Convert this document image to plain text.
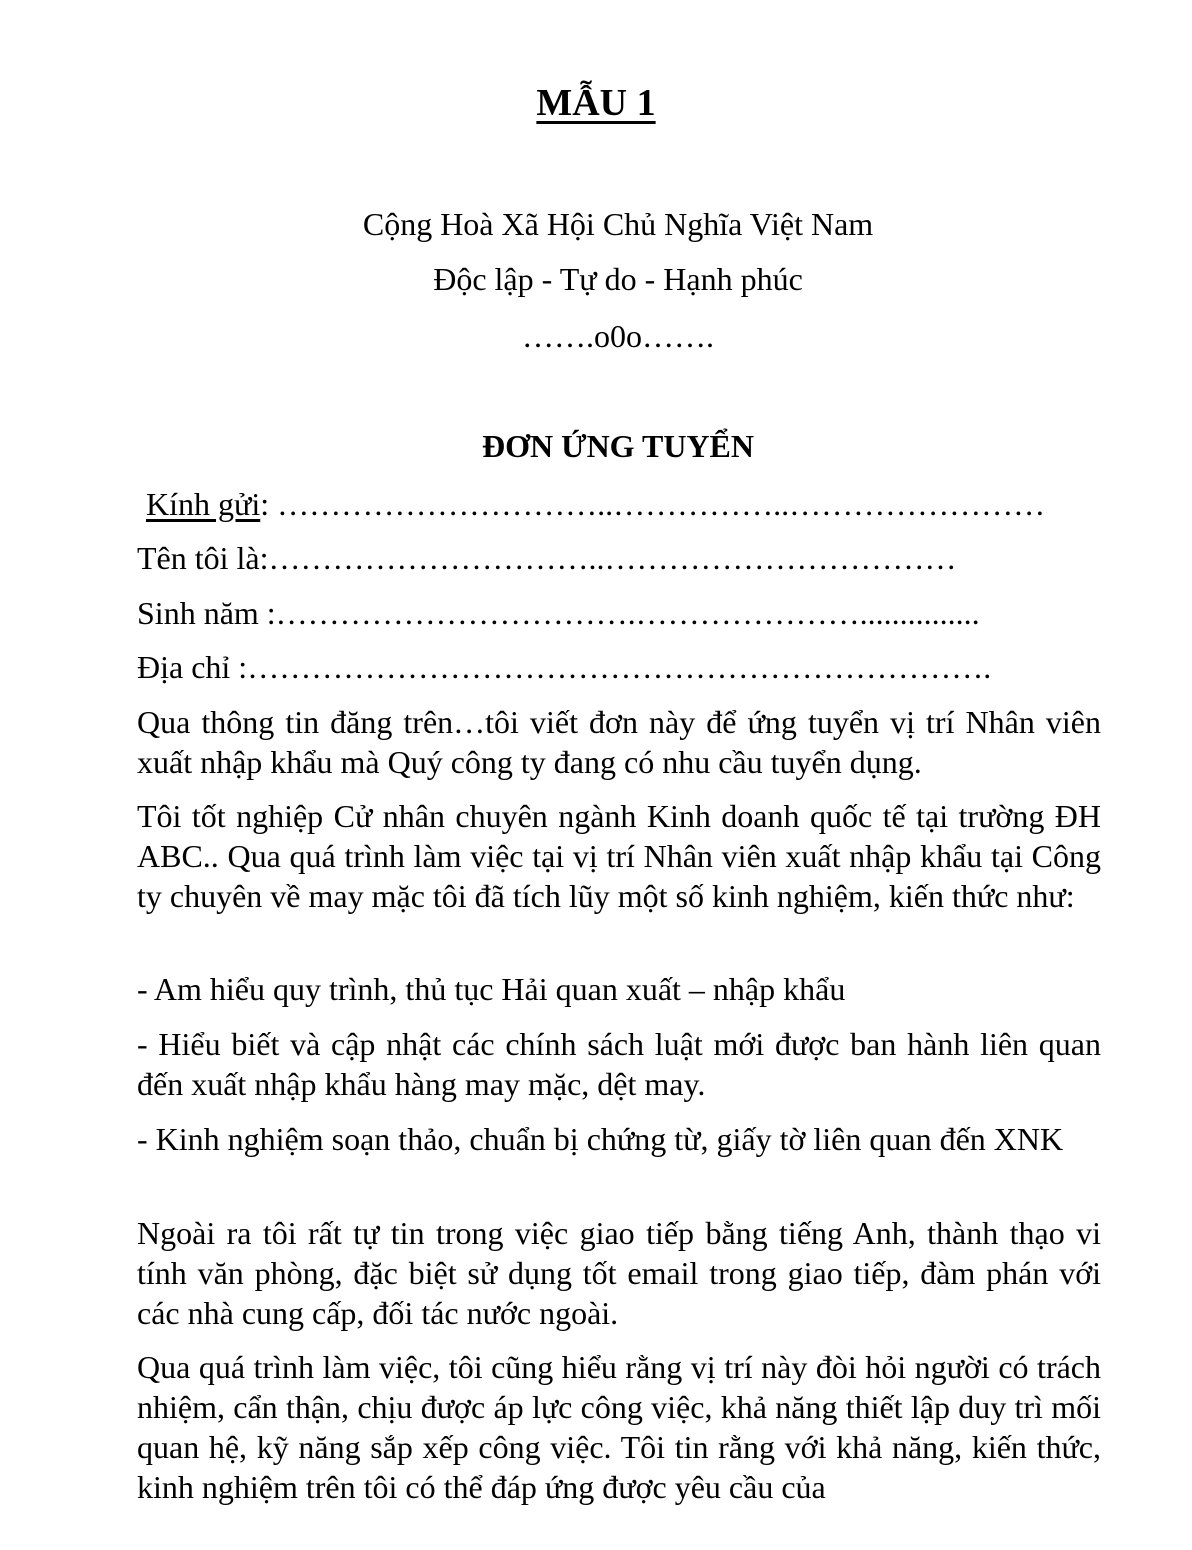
MẪU 1
Cộng Hoà Xã Hội Chủ Nghĩa Việt Nam
Độc lập - Tự do - Hạnh phúc
…….o0o…….
ĐƠN ỨNG TUYỂN
Kính gửi: …………………………..……………..……………………
Tên tôi là:…………………………..……………………………
Sinh năm :…………………………….…………………...............
Địa chỉ :…………………………………………………………….
Qua thông tin đăng trên…tôi viết đơn này để ứng tuyển vị trí Nhân viên xuất nhập khẩu mà Quý công ty đang có nhu cầu tuyển dụng.
Tôi tốt nghiệp Cử nhân chuyên ngành Kinh doanh quốc tế tại trường ĐH ABC.. Qua quá trình làm việc tại vị trí Nhân viên xuất nhập khẩu tại Công ty chuyên về may mặc tôi đã tích lũy một số kinh nghiệm, kiến thức như:
- Am hiểu quy trình, thủ tục Hải quan xuất – nhập khẩu
- Hiểu biết và cập nhật các chính sách luật mới được ban hành liên quan đến xuất nhập khẩu hàng may mặc, dệt may.
- Kinh nghiệm soạn thảo, chuẩn bị chứng từ, giấy tờ liên quan đến XNK
Ngoài ra tôi rất tự tin trong việc giao tiếp bằng tiếng Anh, thành thạo vi tính văn phòng, đặc biệt sử dụng tốt email trong giao tiếp, đàm phán với các nhà cung cấp, đối tác nước ngoài.
Qua quá trình làm việc, tôi cũng hiểu rằng vị trí này đòi hỏi người có trách nhiệm, cẩn thận, chịu được áp lực công việc, khả năng thiết lập duy trì mối quan hệ, kỹ năng sắp xếp công việc. Tôi tin rằng với khả năng, kiến thức, kinh nghiệm trên tôi có thể đáp ứng được yêu cầu của
